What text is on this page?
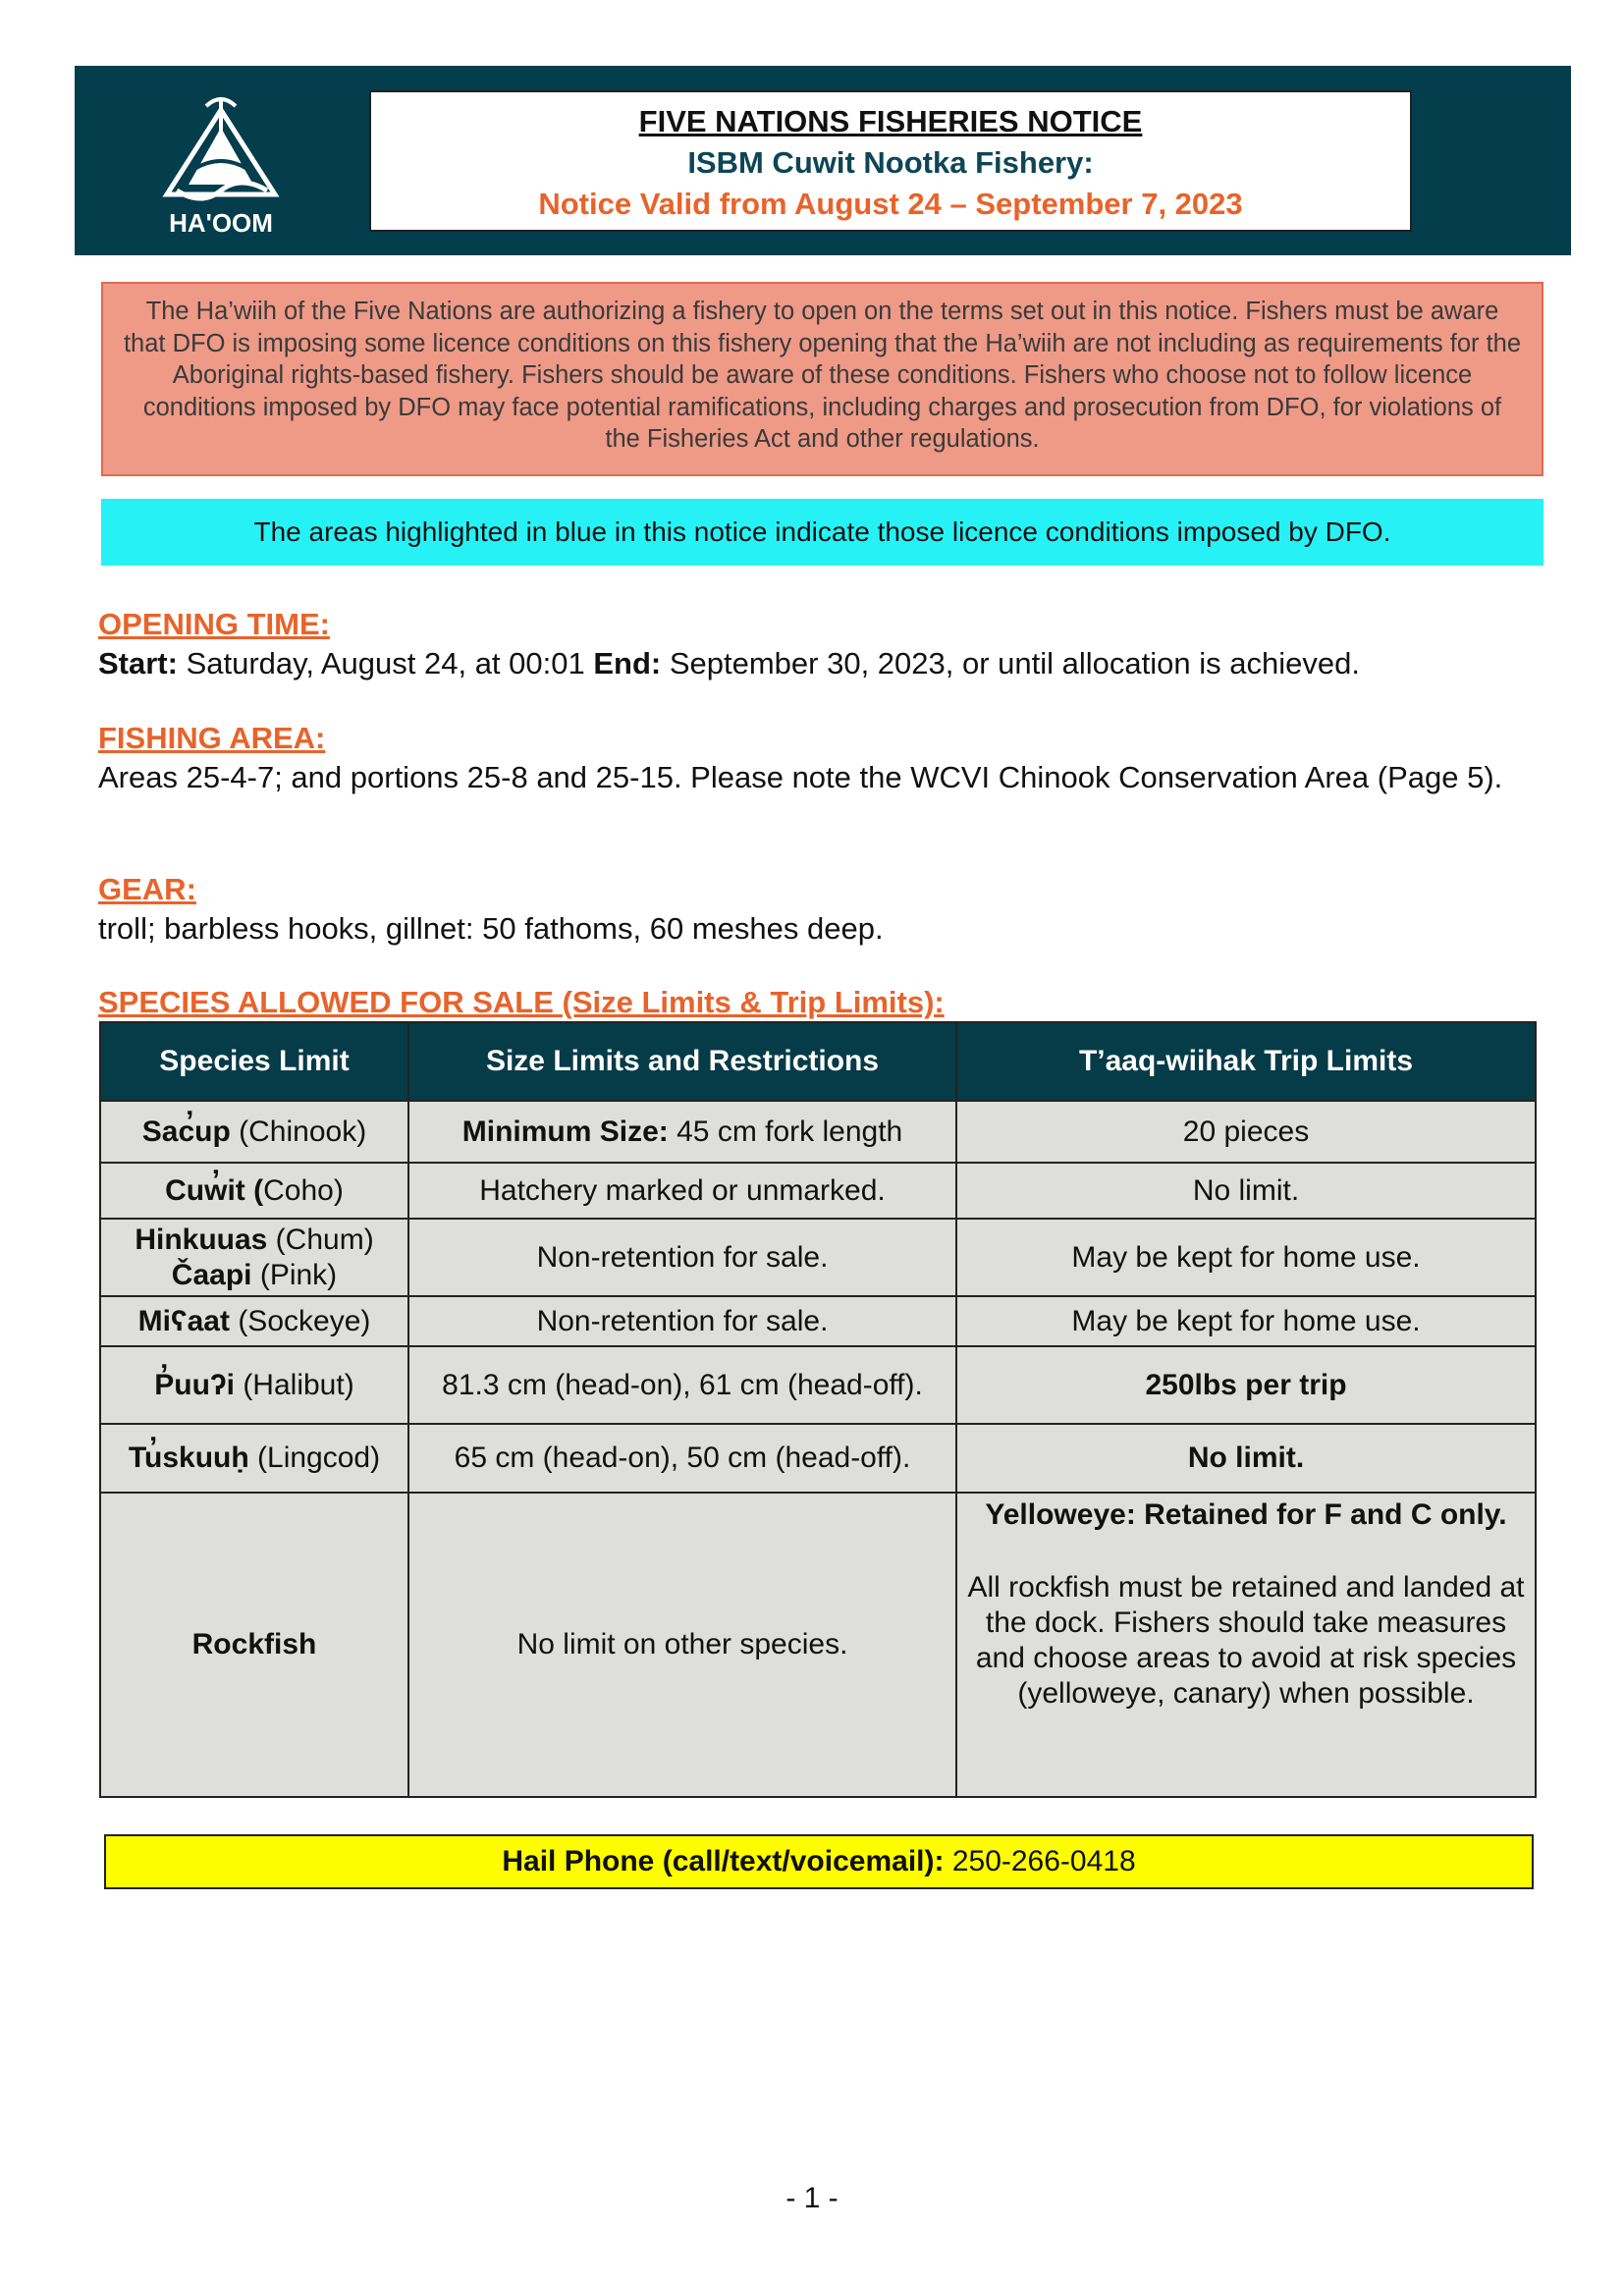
HA'OOM
FIVE NATIONS FISHERIES NOTICE
ISBM Cuwit Nootka Fishery:
Notice Valid from August 24 – September 7, 2023
The Ha’wiih of the Five Nations are authorizing a fishery to open on the terms set out in this notice. Fishers must be aware that DFO is imposing some licence conditions on this fishery opening that the Ha’wiih are not including as requirements for the Aboriginal rights-based fishery. Fishers should be aware of these conditions. Fishers who choose not to follow licence conditions imposed by DFO may face potential ramifications, including charges and prosecution from DFO, for violations of the Fisheries Act and other regulations.
The areas highlighted in blue in this notice indicate those licence conditions imposed by DFO.
OPENING TIME:
Start: Saturday, August 24, at 00:01 End: September 30, 2023, or until allocation is achieved.
FISHING AREA:
Areas 25-4-7; and portions 25-8 and 25-15. Please note the WCVI Chinook Conservation Area (Page 5).
GEAR:
troll; barbless hooks, gillnet: 50 fathoms, 60 meshes deep.
SPECIES ALLOWED FOR SALE (Size Limits & Trip Limits):
Species Limit	Size Limits and Restrictions	T’aaq-wiihak Trip Limits
Sac̓up (Chinook)	Minimum Size: 45 cm fork length	20 pieces
Cuw̓it (Coho)	Hatchery marked or unmarked.	No limit.
Hinkuuas (Chum)
Čaapi (Pink)	Non-retention for sale.	May be kept for home use.
Miʕaat (Sockeye)	Non-retention for sale.	May be kept for home use.
P̓uuʔi (Halibut)	81.3 cm (head-on), 61 cm (head-off).	250lbs per trip
Tu̓skuuḥ (Lingcod)	65 cm (head-on), 50 cm (head-off).	No limit.
Rockfish	No limit on other species.	Yelloweye: Retained for F and C only.
All rockfish must be retained and landed at the dock. Fishers should take measures and choose areas to avoid at risk species (yelloweye, canary) when possible.
Hail Phone (call/text/voicemail): 250-266-0418
- 1 -
